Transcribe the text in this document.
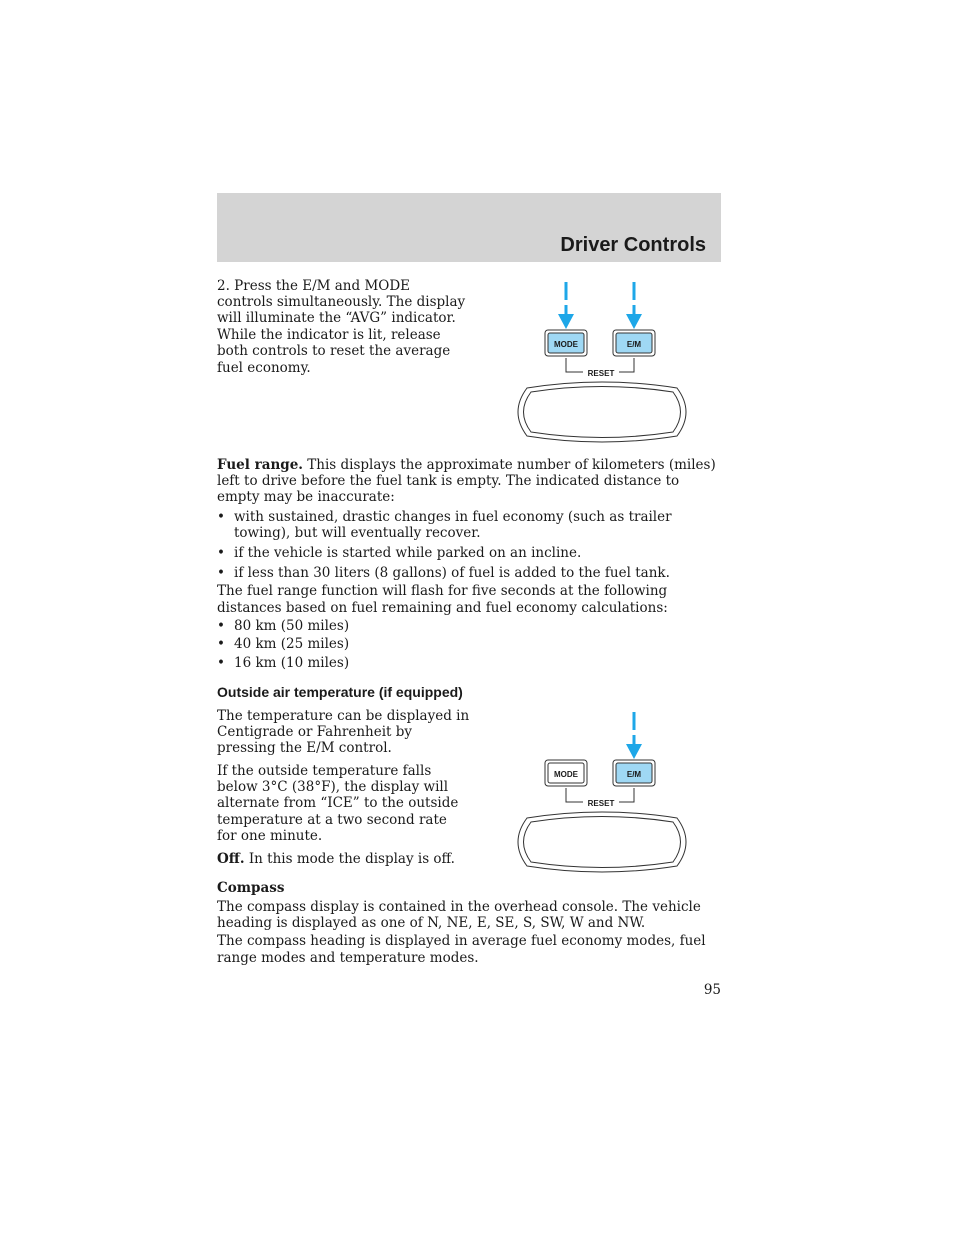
Driver Controls
2. Press the E/M and MODE
controls simultaneously. The display
will illuminate the “AVG” indicator.
While the indicator is lit, release
both controls to reset the average
fuel economy.
MODE	E/M
RESET
Fuel range. This displays the approximate number of kilometers (miles)
left to drive before the fuel tank is empty. The indicated distance to
empty may be inaccurate:
• with sustained, drastic changes in fuel economy (such as trailer
towing), but will eventually recover.
• if the vehicle is started while parked on an incline.
• if less than 30 liters (8 gallons) of fuel is added to the fuel tank.
The fuel range function will flash for five seconds at the following
distances based on fuel remaining and fuel economy calculations:
• 80 km (50 miles)
• 40 km (25 miles)
• 16 km (10 miles)
Outside air temperature (if equipped)
The temperature can be displayed in
Centigrade or Fahrenheit by
pressing the E/M control.
If the outside temperature falls
below 3°C (38°F), the display will
alternate from “ICE” to the outside
temperature at a two second rate
for one minute.
Off. In this mode the display is off.
MODE	E/M
RESET
Compass
The compass display is contained in the overhead console. The vehicle
heading is displayed as one of N, NE, E, SE, S, SW, W and NW.
The compass heading is displayed in average fuel economy modes, fuel
range modes and temperature modes.
95
